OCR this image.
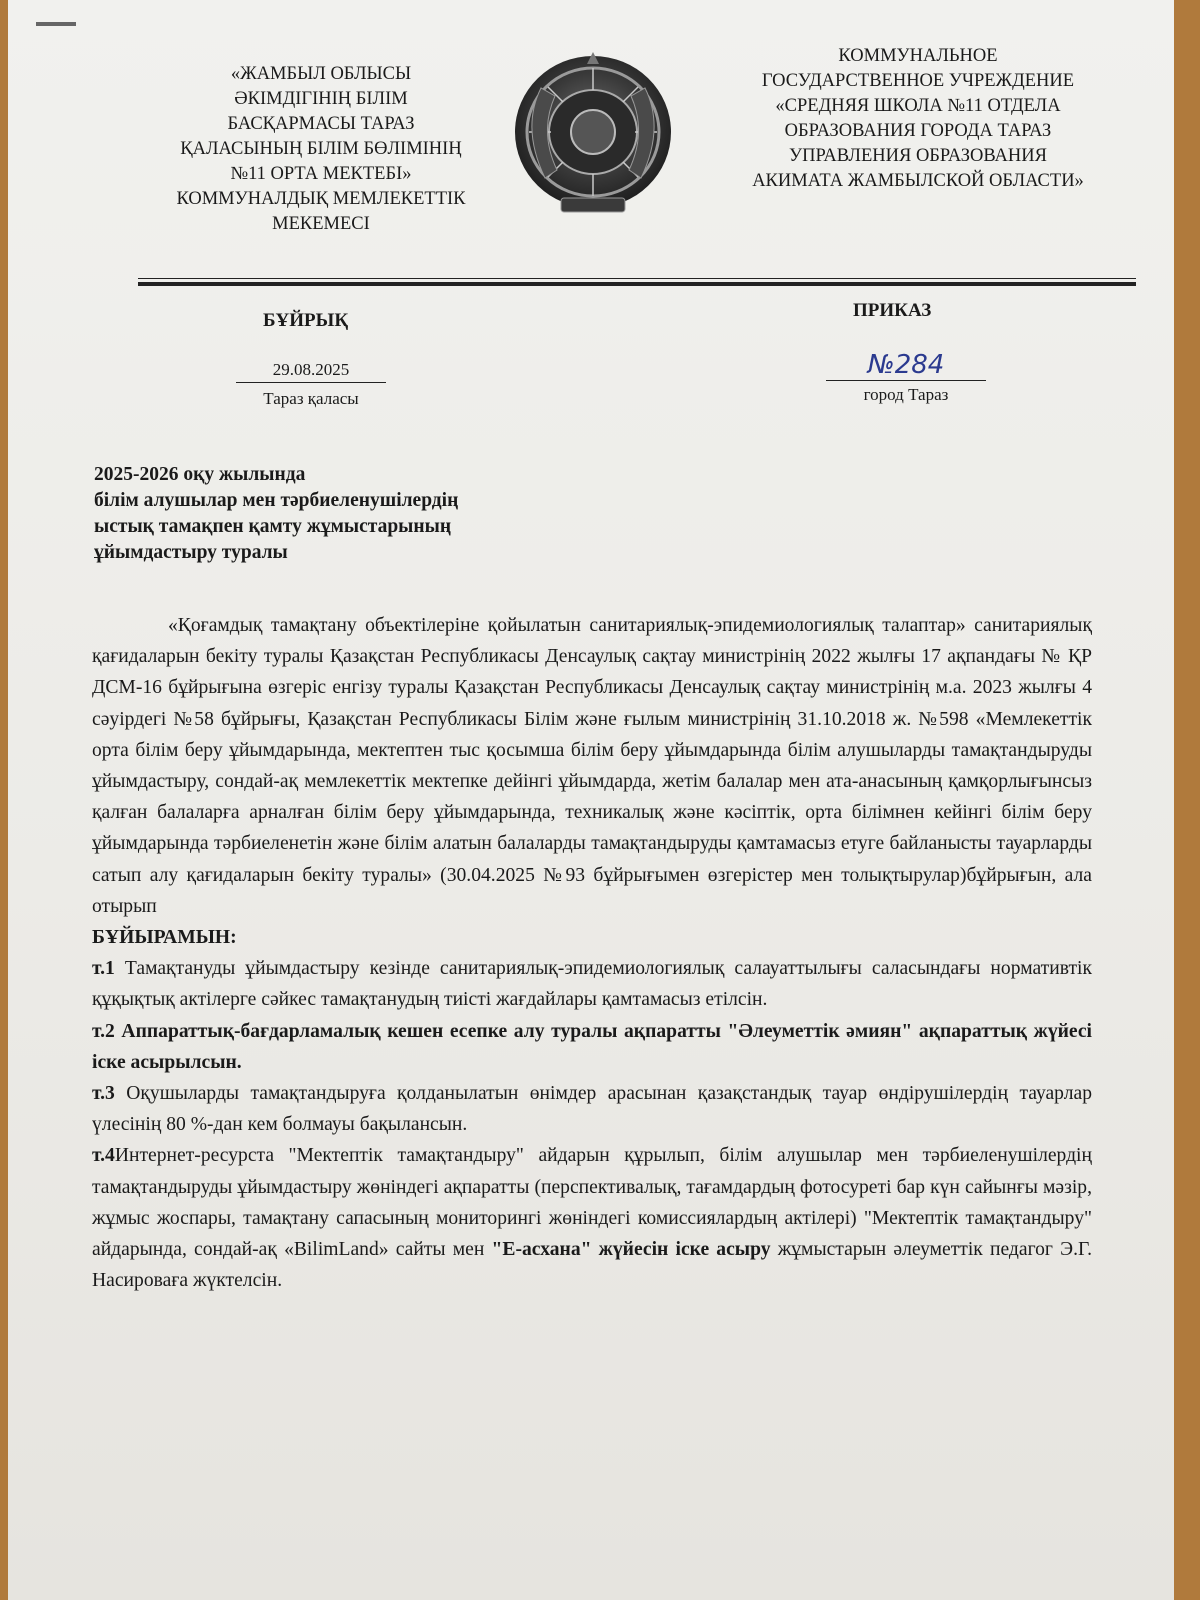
«ЖАМБЫЛ ОБЛЫСЫ
ӘКІМДІГІНІҢ БІЛІМ
БАСҚАРМАСЫ ТАРАЗ
ҚАЛАСЫНЫҢ БІЛІМ БӨЛІМІНІҢ
№11 ОРТА МЕКТЕБІ»
КОММУНАЛДЫҚ МЕМЛЕКЕТТІК
МЕКЕМЕСІ
КОММУНАЛЬНОЕ
ГОСУДАРСТВЕННОЕ УЧРЕЖДЕНИЕ
«СРЕДНЯЯ ШКОЛА №11 ОТДЕЛА
ОБРАЗОВАНИЯ ГОРОДА ТАРАЗ
УПРАВЛЕНИЯ ОБРАЗОВАНИЯ
АКИМАТА ЖАМБЫЛСКОЙ ОБЛАСТИ»
БҰЙРЫҚ	ПРИКАЗ
29.08.2025
Тараз қаласы
№284
город Тараз
2025-2026 оқу жылында
білім алушылар мен тәрбиеленушілердің
ыстық тамақпен қамту жұмыстарының
ұйымдастыру туралы

«Қоғамдық тамақтану объектілеріне қойылатын санитариялық-эпидемиологиялық талаптар» санитариялық қағидаларын бекіту туралы Қазақстан Республикасы Денсаулық сақтау министрінің 2022 жылғы 17 ақпандағы № ҚР ДСМ-16 бұйрығына өзгеріс енгізу туралы Қазақстан Республикасы Денсаулық сақтау министрінің м.а. 2023 жылғы 4 сәуірдегі №58 бұйрығы, Қазақстан Республикасы Білім және ғылым министрінің 31.10.2018 ж. №598 «Мемлекеттік орта білім беру ұйымдарында, мектептен тыс қосымша білім беру ұйымдарында білім алушыларды тамақтандыруды ұйымдастыру, сондай-ақ мемлекеттік мектепке дейінгі ұйымдарда, жетім балалар мен ата-анасының қамқорлығынсыз қалған балаларға арналған білім беру ұйымдарында, техникалық және кәсіптік, орта білімнен кейінгі білім беру ұйымдарында тәрбиеленетін және білім алатын балаларды тамақтандыруды қамтамасыз етуге байланысты тауарларды сатып алу қағидаларын бекіту туралы» (30.04.2025 №93 бұйрығымен өзгерістер мен толықтырулар)бұйрығын, ала отырып

БҰЙЫРАМЫН:

т.1 Тамақтануды ұйымдастыру кезінде санитариялық-эпидемиологиялық салауаттылығы саласындағы нормативтік құқықтық актілерге сәйкес тамақтанудың тиісті жағдайлары қамтамасыз етілсін.

т.2 Аппараттық-бағдарламалық кешен есепке алу туралы ақпаратты "Әлеуметтік әмиян" ақпараттық жүйесі іске асырылсын.

т.3 Оқушыларды тамақтандыруға қолданылатын өнімдер арасынан қазақстандық тауар өндірушілердің тауарлар үлесінің 80 %-дан кем болмауы бақылансын.

т.4Интернет-ресурста "Мектептік тамақтандыру" айдарын құрылып, білім алушылар мен тәрбиеленушілердің тамақтандыруды ұйымдастыру жөніндегі ақпаратты (перспективалық, тағамдардың фотосуреті бар күн сайынғы мәзір, жұмыс жоспары, тамақтану сапасының мониторингі жөніндегі комиссиялардың актілері) "Мектептік тамақтандыру" айдарында, сондай-ақ «BilimLand» сайты мен "Е-асхана" жүйесін іске асыру жұмыстарын әлеуметтік педагог Э.Г. Насироваға жүктелсін.
